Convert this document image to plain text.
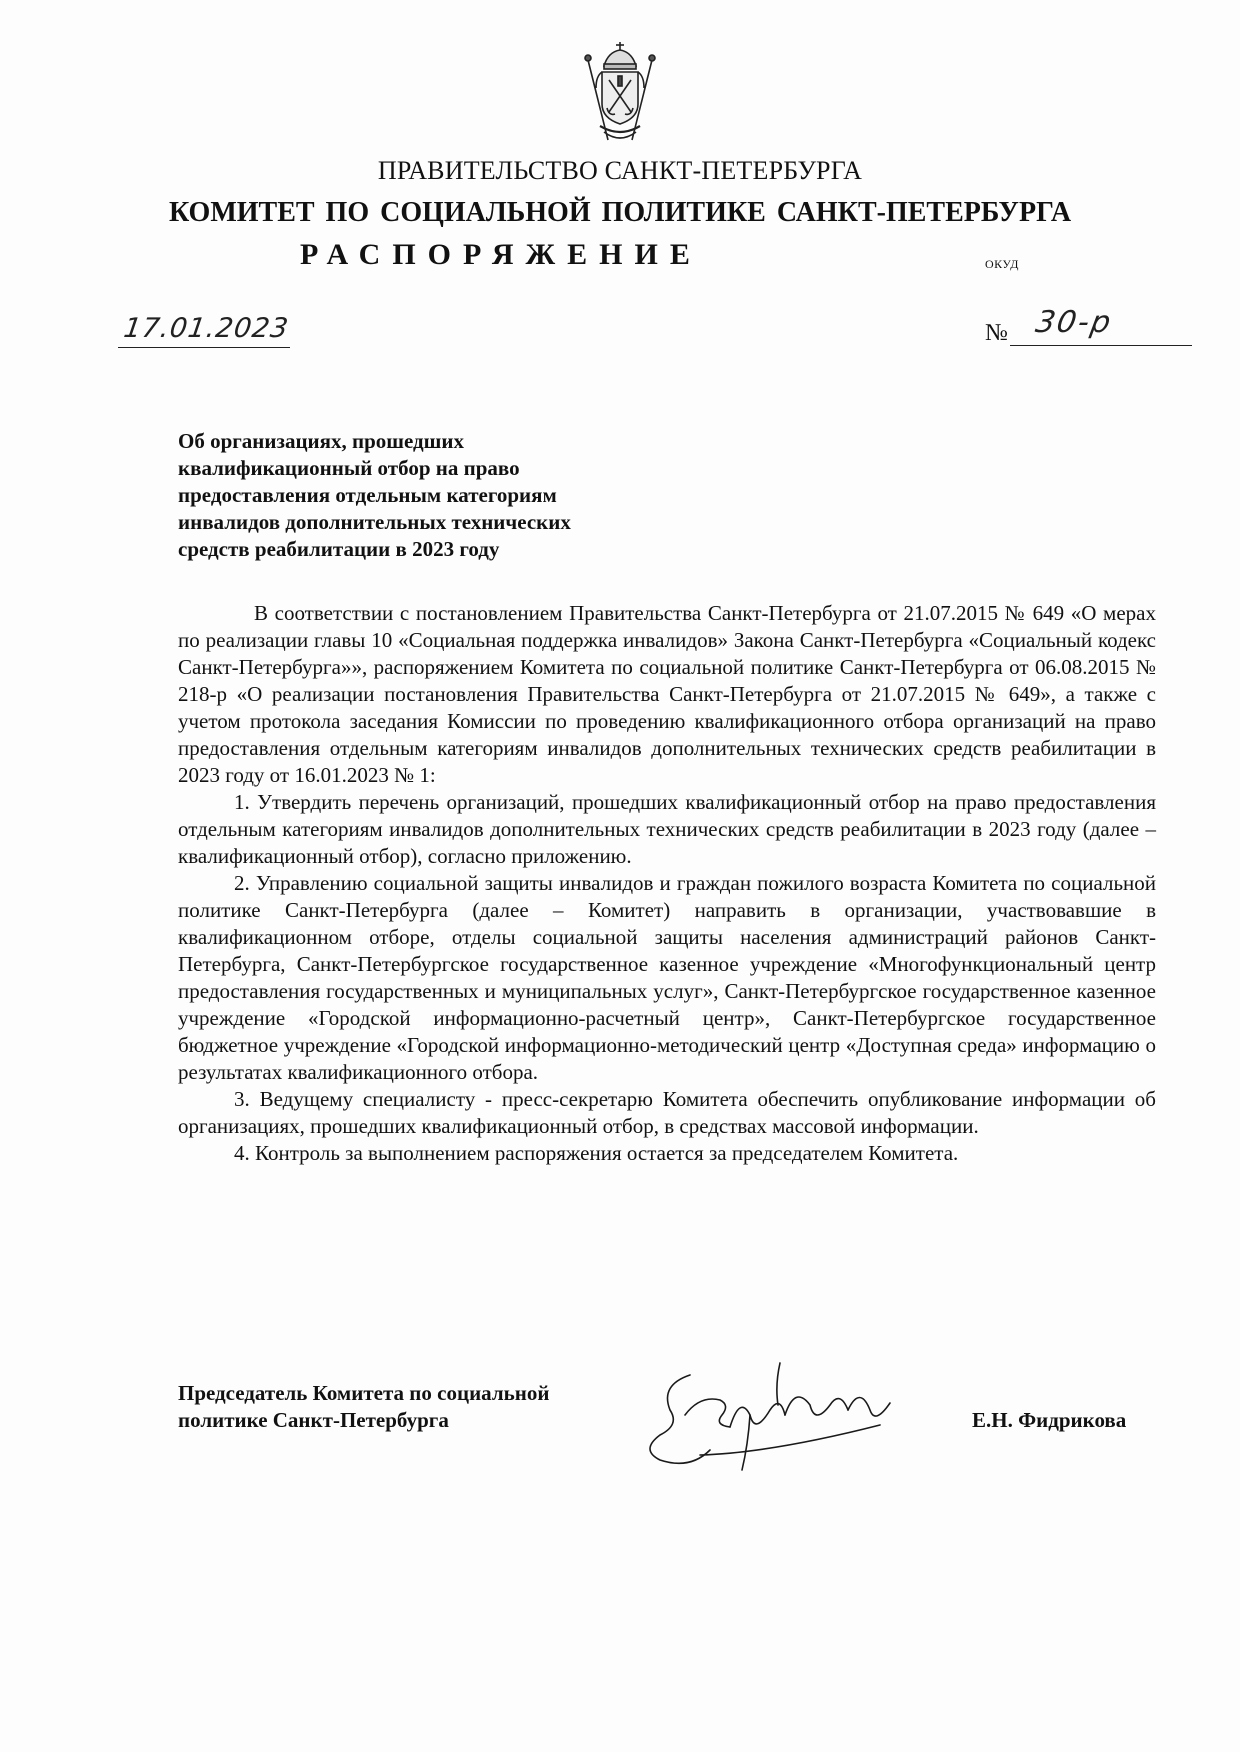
ПРАВИТЕЛЬСТВО САНКТ-ПЕТЕРБУРГА
КОМИТЕТ ПО СОЦИАЛЬНОЙ ПОЛИТИКЕ САНКТ-ПЕТЕРБУРГА
РАСПОРЯЖЕНИЕ	ОКУД
17.01.2023	№ 30-р
Об организациях, прошедших
квалификационный отбор на право
предоставления отдельным категориям
инвалидов дополнительных технических
средств реабилитации в 2023 году

В соответствии с постановлением Правительства Санкт-Петербурга от 21.07.2015 № 649 «О мерах по реализации главы 10 «Социальная поддержка инвалидов» Закона Санкт-Петербурга «Социальный кодекс Санкт-Петербурга»», распоряжением Комитета по социальной политике Санкт-Петербурга от 06.08.2015 № 218-р «О реализации постановления Правительства Санкт-Петербурга от 21.07.2015 № 649», а также с учетом протокола заседания Комиссии по проведению квалификационного отбора организаций на право предоставления отдельным категориям инвалидов дополнительных технических средств реабилитации в 2023 году от 16.01.2023 № 1:

1. Утвердить перечень организаций, прошедших квалификационный отбор на право предоставления отдельным категориям инвалидов дополнительных технических средств реабилитации в 2023 году (далее – квалификационный отбор), согласно приложению.

2. Управлению социальной защиты инвалидов и граждан пожилого возраста Комитета по социальной политике Санкт-Петербурга (далее – Комитет) направить в организации, участвовавшие в квалификационном отборе, отделы социальной защиты населения администраций районов Санкт-Петербурга, Санкт-Петербургское государственное казенное учреждение «Многофункциональный центр предоставления государственных и муниципальных услуг», Санкт-Петербургское государственное казенное учреждение «Городской информационно-расчетный центр», Санкт-Петербургское государственное бюджетное учреждение «Городской информационно-методический центр «Доступная среда» информацию о результатах квалификационного отбора.

3. Ведущему специалисту - пресс-секретарю Комитета обеспечить опубликование информации об организациях, прошедших квалификационный отбор, в средствах массовой информации.

4. Контроль за выполнением распоряжения остается за председателем Комитета.

Председатель Комитета по социальной
политике Санкт-Петербурга	Е.Н. Фидрикова
